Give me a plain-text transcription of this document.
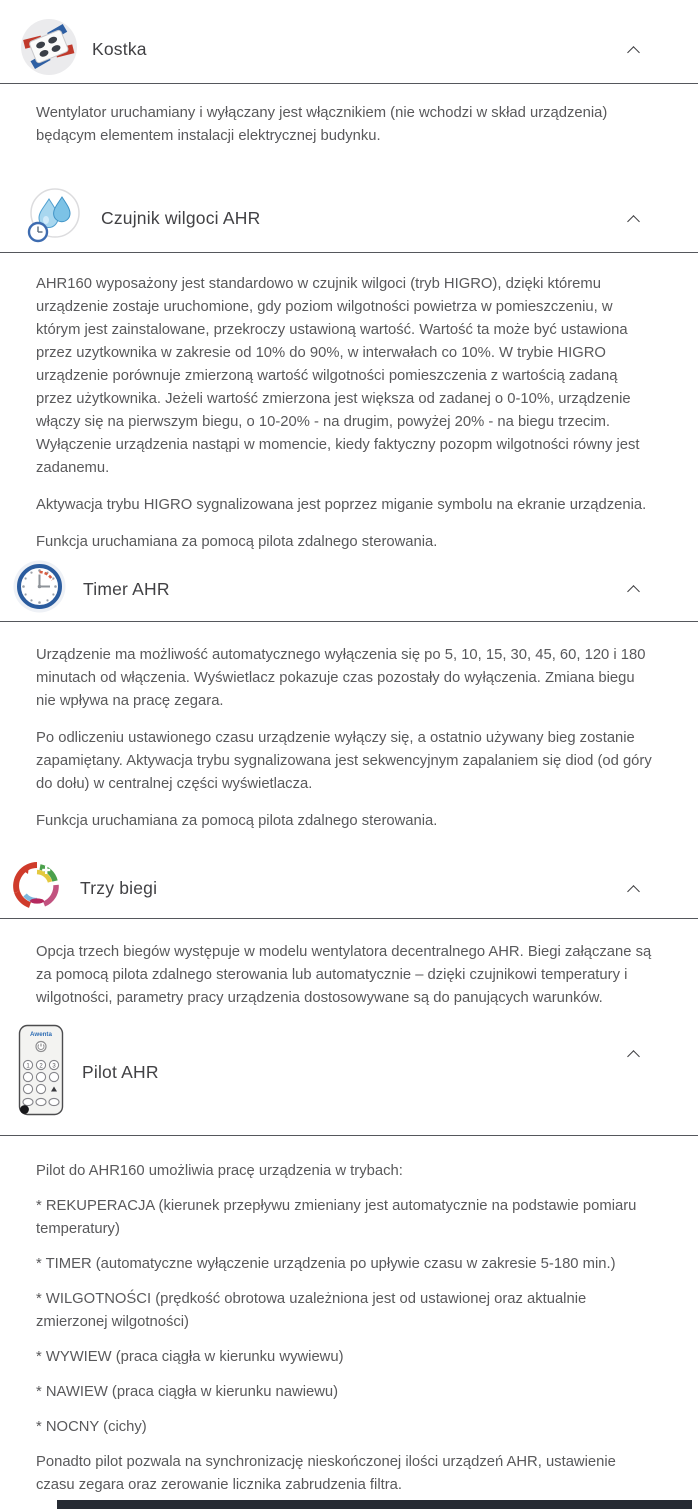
Kostka

Wentylator uruchamiany i wyłączany jest włącznikiem (nie wchodzi w skład urządzenia) będącym elementem instalacji elektrycznej budynku.

Czujnik wilgoci AHR

AHR160 wyposażony jest standardowo w czujnik wilgoci (tryb HIGRO), dzięki któremu urządzenie zostaje uruchomione, gdy poziom wilgotności powietrza w pomieszczeniu, w którym jest zainstalowane, przekroczy ustawioną wartość. Wartość ta może być ustawiona przez uzytkownika w zakresie od 10% do 90%, w interwałach co 10%. W trybie HIGRO urządzenie porównuje zmierzoną wartość wilgotności pomieszczenia z wartością zadaną przez użytkownika. Jeżeli wartość zmierzona jest większa od zadanej o 0-10%, urządzenie włączy się na pierwszym biegu, o 10-20% - na drugim, powyżej 20% - na biegu trzecim. Wyłączenie urządzenia nastąpi w momencie, kiedy faktyczny pozopm wilgotności równy jest zadanemu.

Aktywacja trybu HIGRO sygnalizowana jest poprzez miganie symbolu na ekranie urządzenia.

Funkcja uruchamiana za pomocą pilota zdalnego sterowania.

Timer AHR

Urządzenie ma możliwość automatycznego wyłączenia się po 5, 10, 15, 30, 45, 60, 120 i 180 minutach od włączenia. Wyświetlacz pokazuje czas pozostały do wyłączenia. Zmiana biegu nie wpływa na pracę zegara.

Po odliczeniu ustawionego czasu urządzenie wyłączy się, a ostatnio używany bieg zostanie zapamiętany. Aktywacja trybu sygnalizowana jest sekwencyjnym zapalaniem się diod (od góry do dołu) w centralnej części wyświetlacza.

Funkcja uruchamiana za pomocą pilota zdalnego sterowania.

Trzy biegi

Opcja trzech biegów występuje w modelu wentylatora decentralnego AHR. Biegi załączane są za pomocą pilota zdalnego sterowania lub automatycznie – dzięki czujnikowi temperatury i wilgotności, parametry pracy urządzenia dostosowywane są do panujących warunków.

Awenta
1 2 3 Pilot AHR

Pilot do AHR160 umożliwia pracę urządzenia w trybach:

* REKUPERACJA (kierunek przepływu zmieniany jest automatycznie na podstawie pomiaru temperatury)

* TIMER (automatyczne wyłączenie urządzenia po upływie czasu w zakresie 5-180 min.)

* WILGOTNOŚCI (prędkość obrotowa uzależniona jest od ustawionej oraz aktualnie zmierzonej wilgotności)

* WYWIEW (praca ciągła w kierunku wywiewu)

* NAWIEW (praca ciągła w kierunku nawiewu)

* NOCNY (cichy)

Ponadto pilot pozwala na synchronizację nieskończonej ilości urządzeń AHR, ustawienie czasu zegara oraz zerowanie licznika zabrudzenia filtra.
